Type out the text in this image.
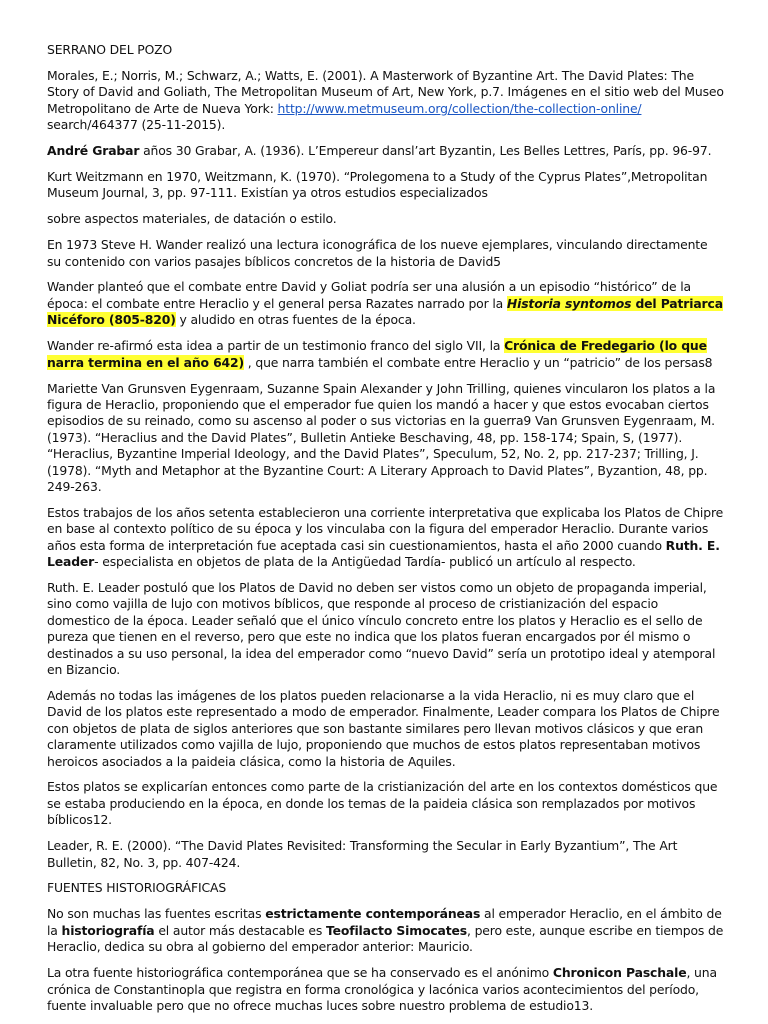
SERRANO DEL POZO

Morales, E.; Norris, M.; Schwarz, A.; Watts, E. (2001). A Masterwork of Byzantine Art. The David Plates: The Story of David and Goliath, The Metropolitan Museum of Art, New York, p.7. Imágenes en el sitio web del Museo Metropolitano de Arte de Nueva York: http://www.metmuseum.org/collection/the-collection-online/ search/464377 (25-11-2015).

André Grabar años 30 Grabar, A. (1936). L’Empereur dansl’art Byzantin, Les Belles Lettres, París, pp. 96-97.

Kurt Weitzmann en 1970, Weitzmann, K. (1970). “Prolegomena to a Study of the Cyprus Plates”,Metropolitan Museum Journal, 3, pp. 97-111. Existían ya otros estudios especializados

sobre aspectos materiales, de datación o estilo.

En 1973 Steve H. Wander realizó una lectura iconográfica de los nueve ejemplares, vinculando directamente su contenido con varios pasajes bíblicos concretos de la historia de David5

Wander planteó que el combate entre David y Goliat podría ser una alusión a un episodio “histórico” de la época: el combate entre Heraclio y el general persa Razates narrado por la Historia syntomos del Patriarca Nicéforo (805-820) y aludido en otras fuentes de la época.

Wander re-afirmó esta idea a partir de un testimonio franco del siglo VII, la Crónica de Fredegario (lo que narra termina en el año 642) , que narra también el combate entre Heraclio y un “patricio” de los persas8

Mariette Van Grunsven Eygenraam, Suzanne Spain Alexander y John Trilling, quienes vincularon los platos a la figura de Heraclio, proponiendo que el emperador fue quien los mandó a hacer y que estos evocaban ciertos episodios de su reinado, como su ascenso al poder o sus victorias en la guerra9 Van Grunsven Eygenraam, M. (1973). “Heraclius and the David Plates”, Bulletin Antieke Beschaving, 48, pp. 158-174; Spain, S, (1977). “Heraclius, Byzantine Imperial Ideology, and the David Plates”, Speculum, 52, No. 2, pp. 217-237; Trilling, J. (1978). “Myth and Metaphor at the Byzantine Court: A Literary Approach to David Plates”, Byzantion, 48, pp. 249-263.

Estos trabajos de los años setenta establecieron una corriente interpretativa que explicaba los Platos de Chipre en base al contexto político de su época y los vinculaba con la figura del emperador Heraclio. Durante varios años esta forma de interpretación fue aceptada casi sin cuestionamientos, hasta el año 2000 cuando Ruth. E. Leader- especialista en objetos de plata de la Antigüedad Tardía- publicó un artículo al respecto.

Ruth. E. Leader postuló que los Platos de David no deben ser vistos como un objeto de propaganda imperial, sino como vajilla de lujo con motivos bíblicos, que responde al proceso de cristianización del espacio domestico de la época. Leader señaló que el único vínculo concreto entre los platos y Heraclio es el sello de pureza que tienen en el reverso, pero que este no indica que los platos fueran encargados por él mismo o destinados a su uso personal, la idea del emperador como “nuevo David” sería un prototipo ideal y atemporal en Bizancio.

Además no todas las imágenes de los platos pueden relacionarse a la vida Heraclio, ni es muy claro que el David de los platos este representado a modo de emperador. Finalmente, Leader compara los Platos de Chipre con objetos de plata de siglos anteriores que son bastante similares pero llevan motivos clásicos y que eran claramente utilizados como vajilla de lujo, proponiendo que muchos de estos platos representaban motivos heroicos asociados a la paideia clásica, como la historia de Aquiles.

Estos platos se explicarían entonces como parte de la cristianización del arte en los contextos domésticos que se estaba produciendo en la época, en donde los temas de la paideia clásica son remplazados por motivos bíblicos12.

Leader, R. E. (2000). “The David Plates Revisited: Transforming the Secular in Early Byzantium”, The Art Bulletin, 82, No. 3, pp. 407-424.

FUENTES HISTORIOGRÁFICAS

No son muchas las fuentes escritas estrictamente contemporáneas al emperador Heraclio, en el ámbito de la historiografía el autor más destacable es Teofilacto Simocates, pero este, aunque escribe en tiempos de Heraclio, dedica su obra al gobierno del emperador anterior: Mauricio.

La otra fuente historiográfica contemporánea que se ha conservado es el anónimo Chronicon Paschale, una crónica de Constantinopla que registra en forma cronológica y lacónica varios acontecimientos del período, fuente invaluable pero que no ofrece muchas luces sobre nuestro problema de estudio13.
